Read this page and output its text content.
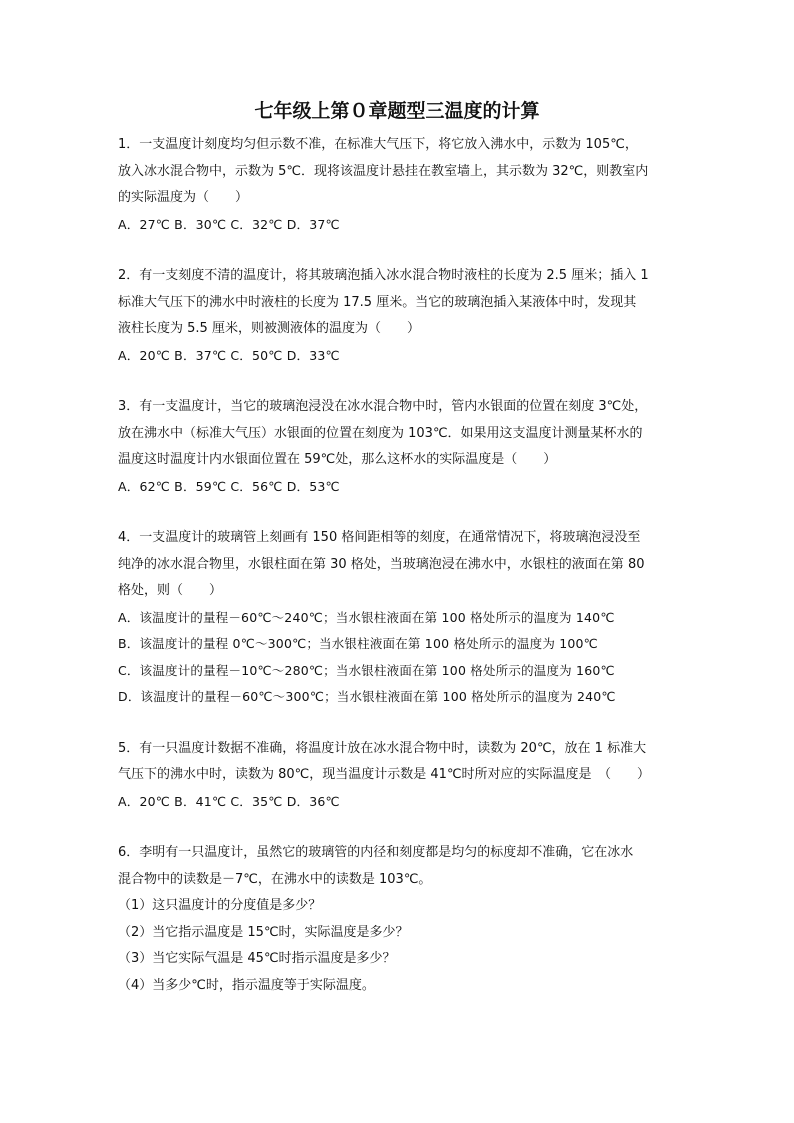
七年级上第０章题型三温度的计算

1．一支温度计刻度均匀但示数不准，在标准大气压下，将它放入沸水中，示数为 105℃，

放入冰水混合物中，示数为 5℃．现将该温度计悬挂在教室墙上，其示数为 32℃，则教室内

的实际温度为（　　）

A．27℃ B．30℃ C．32℃ D．37℃

2．有一支刻度不清的温度计，将其玻璃泡插入冰水混合物时液柱的长度为 2.5 厘米；插入 1

标准大气压下的沸水中时液柱的长度为 17.5 厘米。当它的玻璃泡插入某液体中时，发现其

液柱长度为 5.5 厘米，则被测液体的温度为（　　）

A．20℃ B．37℃ C．50℃ D．33℃

3．有一支温度计，当它的玻璃泡浸没在冰水混合物中时，管内水银面的位置在刻度 3℃处，

放在沸水中（标准大气压）水银面的位置在刻度为 103℃．如果用这支温度计测量某杯水的

温度这时温度计内水银面位置在 59℃处，那么这杯水的实际温度是（　　）

A．62℃ B．59℃ C．56℃ D．53℃

4．一支温度计的玻璃管上刻画有 150 格间距相等的刻度，在通常情况下，将玻璃泡浸没至

纯净的冰水混合物里，水银柱面在第 30 格处，当玻璃泡浸在沸水中，水银柱的液面在第 80

格处，则（　　）

A．该温度计的量程－60℃～240℃；当水银柱液面在第 100 格处所示的温度为 140℃

B．该温度计的量程 0℃～300℃；当水银柱液面在第 100 格处所示的温度为 100℃

C．该温度计的量程－10℃～280℃；当水银柱液面在第 100 格处所示的温度为 160℃

D．该温度计的量程－60℃～300℃；当水银柱液面在第 100 格处所示的温度为 240℃

5．有一只温度计数据不准确，将温度计放在冰水混合物中时，读数为 20℃，放在 1 标准大

气压下的沸水中时，读数为 80℃，现当温度计示数是 41℃时所对应的实际温度是　（　　）

A．20℃ B．41℃ C．35℃ D．36℃

6．李明有一只温度计，虽然它的玻璃管的内径和刻度都是均匀的标度却不准确，它在冰水

混合物中的读数是－7℃，在沸水中的读数是 103℃。

（1）这只温度计的分度值是多少？

（2）当它指示温度是 15℃时，实际温度是多少？

（3）当它实际气温是 45℃时指示温度是多少？

（4）当多少℃时，指示温度等于实际温度。
